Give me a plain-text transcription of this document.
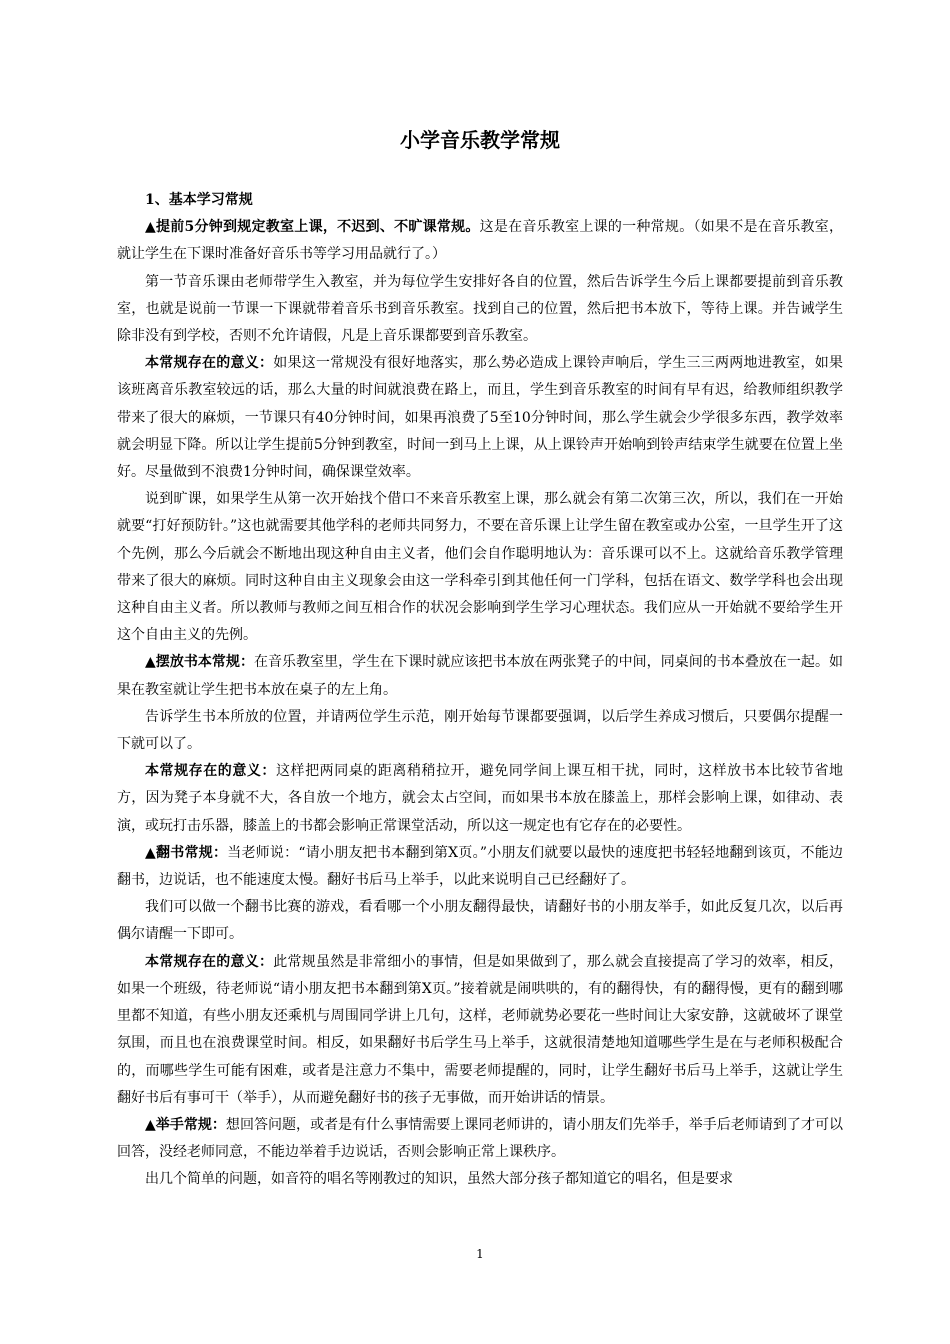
小学音乐教学常规

1、基本学习常规

▲提前5分钟到规定教室上课，不迟到、不旷课常规。这是在音乐教室上课的一种常规。（如果不是在音乐教室，就让学生在下课时准备好音乐书等学习用品就行了。）

第一节音乐课由老师带学生入教室，并为每位学生安排好各自的位置，然后告诉学生今后上课都要提前到音乐教室，也就是说前一节课一下课就带着音乐书到音乐教室。找到自己的位置，然后把书本放下，等待上课。并告诫学生除非没有到学校，否则不允许请假，凡是上音乐课都要到音乐教室。

本常规存在的意义：如果这一常规没有很好地落实，那么势必造成上课铃声响后，学生三三两两地进教室，如果该班离音乐教室较远的话，那么大量的时间就浪费在路上，而且，学生到音乐教室的时间有早有迟，给教师组织教学带来了很大的麻烦，一节课只有40分钟时间，如果再浪费了5至10分钟时间，那么学生就会少学很多东西，教学效率就会明显下降。所以让学生提前5分钟到教室，时间一到马上上课，从上课铃声开始响到铃声结束学生就要在位置上坐好。尽量做到不浪费1分钟时间，确保课堂效率。

说到旷课，如果学生从第一次开始找个借口不来音乐教室上课，那么就会有第二次第三次，所以，我们在一开始就要“打好预防针。”这也就需要其他学科的老师共同努力，不要在音乐课上让学生留在教室或办公室，一旦学生开了这个先例，那么今后就会不断地出现这种自由主义者，他们会自作聪明地认为：音乐课可以不上。这就给音乐教学管理带来了很大的麻烦。同时这种自由主义现象会由这一学科牵引到其他任何一门学科，包括在语文、数学学科也会出现这种自由主义者。所以教师与教师之间互相合作的状况会影响到学生学习心理状态。我们应从一开始就不要给学生开这个自由主义的先例。

▲摆放书本常规：在音乐教室里，学生在下课时就应该把书本放在两张凳子的中间，同桌间的书本叠放在一起。如果在教室就让学生把书本放在桌子的左上角。

告诉学生书本所放的位置，并请两位学生示范，刚开始每节课都要强调，以后学生养成习惯后，只要偶尔提醒一下就可以了。

本常规存在的意义：这样把两同桌的距离稍稍拉开，避免同学间上课互相干扰，同时，这样放书本比较节省地方，因为凳子本身就不大，各自放一个地方，就会太占空间，而如果书本放在膝盖上，那样会影响上课，如律动、表演，或玩打击乐器，膝盖上的书都会影响正常课堂活动，所以这一规定也有它存在的必要性。

▲翻书常规：当老师说：“请小朋友把书本翻到第X页。”小朋友们就要以最快的速度把书轻轻地翻到该页，不能边翻书，边说话，也不能速度太慢。翻好书后马上举手，以此来说明自己已经翻好了。

我们可以做一个翻书比赛的游戏，看看哪一个小朋友翻得最快，请翻好书的小朋友举手，如此反复几次，以后再偶尔请醒一下即可。

本常规存在的意义：此常规虽然是非常细小的事情，但是如果做到了，那么就会直接提高了学习的效率，相反，如果一个班级，待老师说“请小朋友把书本翻到第X页。”接着就是闹哄哄的，有的翻得快，有的翻得慢，更有的翻到哪里都不知道，有些小朋友还乘机与周围同学讲上几句，这样，老师就势必要花一些时间让大家安静，这就破坏了课堂氛围，而且也在浪费课堂时间。相反，如果翻好书后学生马上举手，这就很清楚地知道哪些学生是在与老师积极配合的，而哪些学生可能有困难，或者是注意力不集中，需要老师提醒的，同时，让学生翻好书后马上举手，这就让学生翻好书后有事可干（举手），从而避免翻好书的孩子无事做，而开始讲话的情景。

▲举手常规：想回答问题，或者是有什么事情需要上课同老师讲的，请小朋友们先举手，举手后老师请到了才可以回答，没经老师同意，不能边举着手边说话，否则会影响正常上课秩序。

出几个简单的问题，如音符的唱名等刚教过的知识，虽然大部分孩子都知道它的唱名，但是要求

1
